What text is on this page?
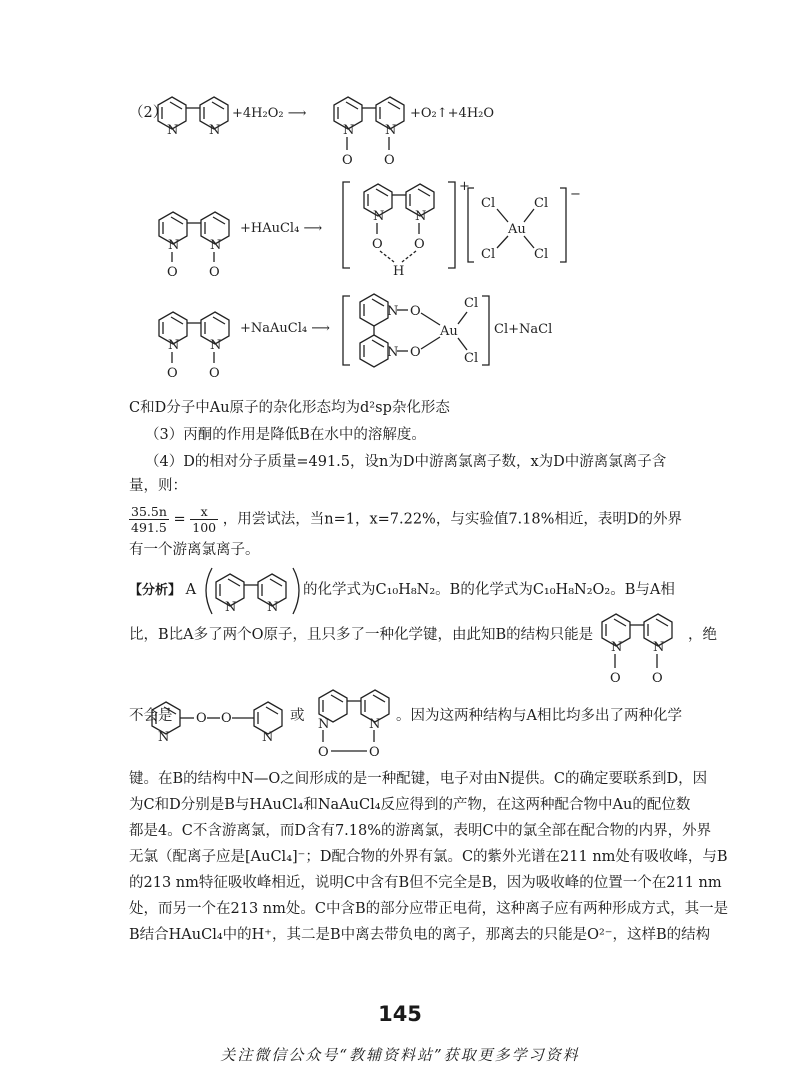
N N
+4H₂O₂ ⟶
N N
O O
+O₂↑+4H₂O
N N
O O
+HAuCl₄ ⟶
+
N N
O O
H
−
Cl	Cl
Au
Cl	Cl
N N
O O
+NaAuCl₄ ⟶
N
N
O
O
Au
Cl
Cl
Cl+NaCl
N N
N N
O O
N	N
O O	N	N
O	O
（2）
C和D分子中Au原子的杂化形态均为d²sp杂化形态
（3）丙酮的作用是降低B在水中的溶解度。
（4）D的相对分子质量=491.5，设n为D中游离氯离子数，x为D中游离氯离子含
量，则：
$\frac{35.5n}{491.5} = \frac{x}{100}$ ，用尝试法，当n=1，x=7.22%，与实验值7.18%相近，表明D的外界
有一个游离氯离子。
【分析】 A	的化学式为C₁₀H₈N₂。B的化学式为C₁₀H₈N₂O₂。B与A相
比，B比A多了两个O原子，且只多了一种化学键，由此知B的结构只能是	，绝
不会是	或	。因为这两种结构与A相比均多出了两种化学
键。在B的结构中N—O之间形成的是一种配键，电子对由N提供。C的确定要联系到D，因
为C和D分别是B与HAuCl₄和NaAuCl₄反应得到的产物，在这两种配合物中Au的配位数
都是4。C不含游离氯，而D含有7.18%的游离氯，表明C中的氯全部在配合物的内界，外界
无氯（配离子应是[AuCl₄]⁻；D配合物的外界有氯。C的紫外光谱在211 nm处有吸收峰，与B
的213 nm特征吸收峰相近，说明C中含有B但不完全是B，因为吸收峰的位置一个在211 nm
处，而另一个在213 nm处。C中含B的部分应带正电荷，这种离子应有两种形成方式，其一是
B结合HAuCl₄中的H⁺，其二是B中离去带负电的离子，那离去的只能是O²⁻，这样B的结构
145
关注微信公众号“教辅资料站”获取更多学习资料
